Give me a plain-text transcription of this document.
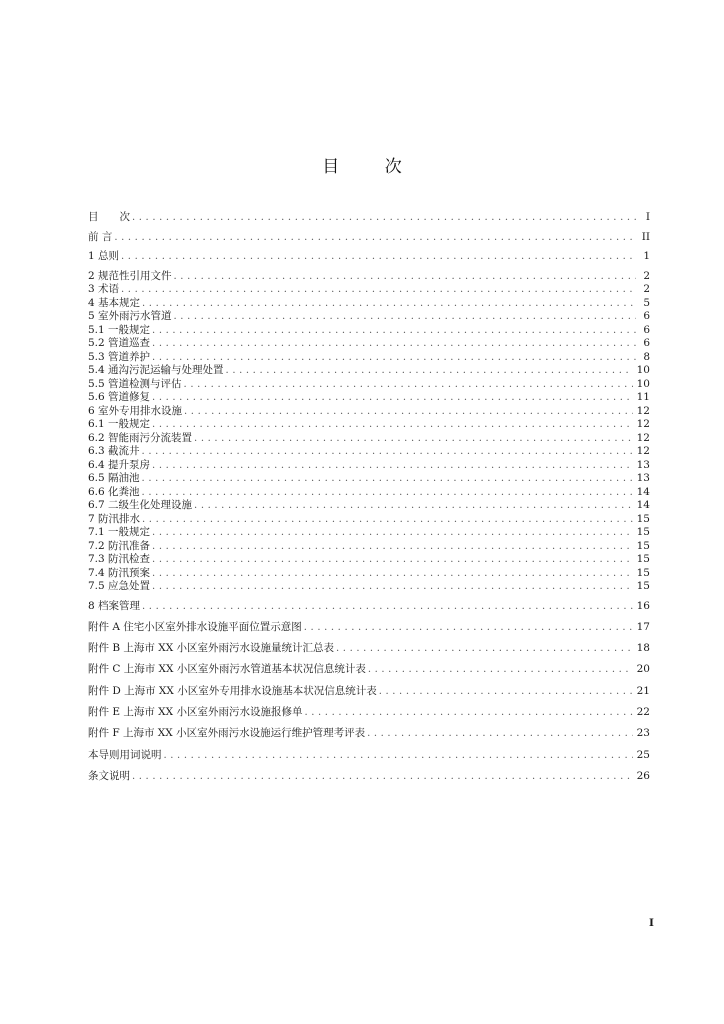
目 次
目　　次 .....	I
前 言 .....	II
1 总则 .....	1
2 规范性引用文件 .....	2
3 术语 .....	2
4 基本规定 .....	5
5 室外雨污水管道 .....	6
5.1 一般规定 .....	6
5.2 管道巡查 .....	6
5.3 管道养护 .....	8
5.4 通沟污泥运输与处理处置 .....	10
5.5 管道检测与评估 .....	10
5.6 管道修复 .....	11
6 室外专用排水设施 .....	12
6.1 一般规定 .....	12
6.2 智能雨污分流装置 .....	12
6.3 截流井 .....	12
6.4 提升泵房 .....	13
6.5 隔油池 .....	13
6.6 化粪池 .....	14
6.7 二级生化处理设施 .....	14
7 防汛排水 .....	15
7.1 一般规定 .....	15
7.2 防汛准备 .....	15
7.3 防汛检查 .....	15
7.4 防汛预案 .....	15
7.5 应急处置 .....	15
8 档案管理 .....	16
附件 A 住宅小区室外排水设施平面位置示意图 .....	17
附件 B 上海市 XX 小区室外雨污水设施量统计汇总表 .....	18
附件 C 上海市 XX 小区室外雨污水管道基本状况信息统计表 .....	20
附件 D 上海市 XX 小区室外专用排水设施基本状况信息统计表 .....	21
附件 E 上海市 XX 小区室外雨污水设施报修单 .....	22
附件 F 上海市 XX 小区室外雨污水设施运行维护管理考评表 .....	23
本导则用词说明 .....	25
条文说明 .....	26
I
